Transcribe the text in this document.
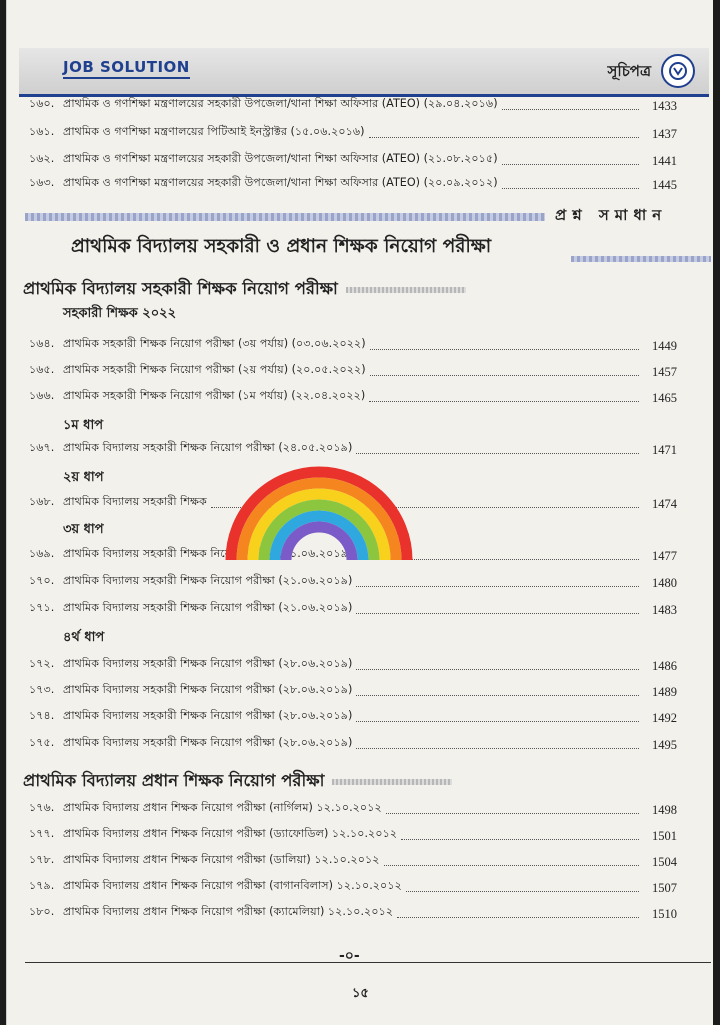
JOB SOLUTION	সূচিপত্র
১৬০. প্রাথমিক ও গণশিক্ষা মন্ত্রণালয়ের সহকারী উপজেলা/থানা শিক্ষা অফিসার (ATEO) (২৯.০৪.২০১৬)	1433
১৬১. প্রাথমিক ও গণশিক্ষা মন্ত্রণালয়ের পিটিআই ইনস্ট্রাক্টর (১৫.০৬.২০১৬)	1437
১৬২. প্রাথমিক ও গণশিক্ষা মন্ত্রণালয়ের সহকারী উপজেলা/থানা শিক্ষা অফিসার (ATEO) (২১.০৮.২০১৫)	1441
১৬৩. প্রাথমিক ও গণশিক্ষা মন্ত্রণালয়ের সহকারী উপজেলা/থানা শিক্ষা অফিসার (ATEO) (২০.০৯.২০১২)	1445
প্রশ্ন সমাধান
প্রাথমিক বিদ্যালয় সহকারী ও প্রধান শিক্ষক নিয়োগ পরীক্ষা
প্রাথমিক বিদ্যালয় সহকারী শিক্ষক নিয়োগ পরীক্ষা
সহকারী শিক্ষক ২০২২
১৬৪. প্রাথমিক সহকারী শিক্ষক নিয়োগ পরীক্ষা (৩য় পর্যায়) (০৩.০৬.২০২২)	1449
১৬৫. প্রাথমিক সহকারী শিক্ষক নিয়োগ পরীক্ষা (২য় পর্যায়) (২০.০৫.২০২২)	1457
১৬৬. প্রাথমিক সহকারী শিক্ষক নিয়োগ পরীক্ষা (১ম পর্যায়) (২২.০৪.২০২২)	1465
১ম ধাপ
১৬৭. প্রাথমিক বিদ্যালয় সহকারী শিক্ষক নিয়োগ পরীক্ষা (২৪.০৫.২০১৯)	1471
২য় ধাপ
১৬৮. প্রাথমিক বিদ্যালয় সহকারী শিক্ষক	1474
৩য় ধাপ
১৬৯. প্রাথমিক বিদ্যালয় সহকারী শিক্ষক নিয়োগ পরীক্ষা (২১.০৬.২০১৯)	1477
১৭০. প্রাথমিক বিদ্যালয় সহকারী শিক্ষক নিয়োগ পরীক্ষা (২১.০৬.২০১৯)	1480
১৭১. প্রাথমিক বিদ্যালয় সহকারী শিক্ষক নিয়োগ পরীক্ষা (২১.০৬.২০১৯)	1483
৪র্থ ধাপ
১৭২. প্রাথমিক বিদ্যালয় সহকারী শিক্ষক নিয়োগ পরীক্ষা (২৮.০৬.২০১৯)	1486
১৭৩. প্রাথমিক বিদ্যালয় সহকারী শিক্ষক নিয়োগ পরীক্ষা (২৮.০৬.২০১৯)	1489
১৭৪. প্রাথমিক বিদ্যালয় সহকারী শিক্ষক নিয়োগ পরীক্ষা (২৮.০৬.২০১৯)	1492
১৭৫. প্রাথমিক বিদ্যালয় সহকারী শিক্ষক নিয়োগ পরীক্ষা (২৮.০৬.২০১৯)	1495
প্রাথমিক বিদ্যালয় প্রধান শিক্ষক নিয়োগ পরীক্ষা
১৭৬. প্রাথমিক বিদ্যালয় প্রধান শিক্ষক নিয়োগ পরীক্ষা (নার্গিলম) ১২.১০.২০১২	1498
১৭৭. প্রাথমিক বিদ্যালয় প্রধান শিক্ষক নিয়োগ পরীক্ষা (ড্যাফোডিল) ১২.১০.২০১২	1501
১৭৮. প্রাথমিক বিদ্যালয় প্রধান শিক্ষক নিয়োগ পরীক্ষা (ডালিয়া) ১২.১০.২০১২	1504
১৭৯. প্রাথমিক বিদ্যালয় প্রধান শিক্ষক নিয়োগ পরীক্ষা (বাগানবিলাস) ১২.১০.২০১২	1507
১৮০. প্রাথমিক বিদ্যালয় প্রধান শিক্ষক নিয়োগ পরীক্ষা (ক্যামেলিয়া) ১২.১০.২০১২	1510
-০-
১৫
